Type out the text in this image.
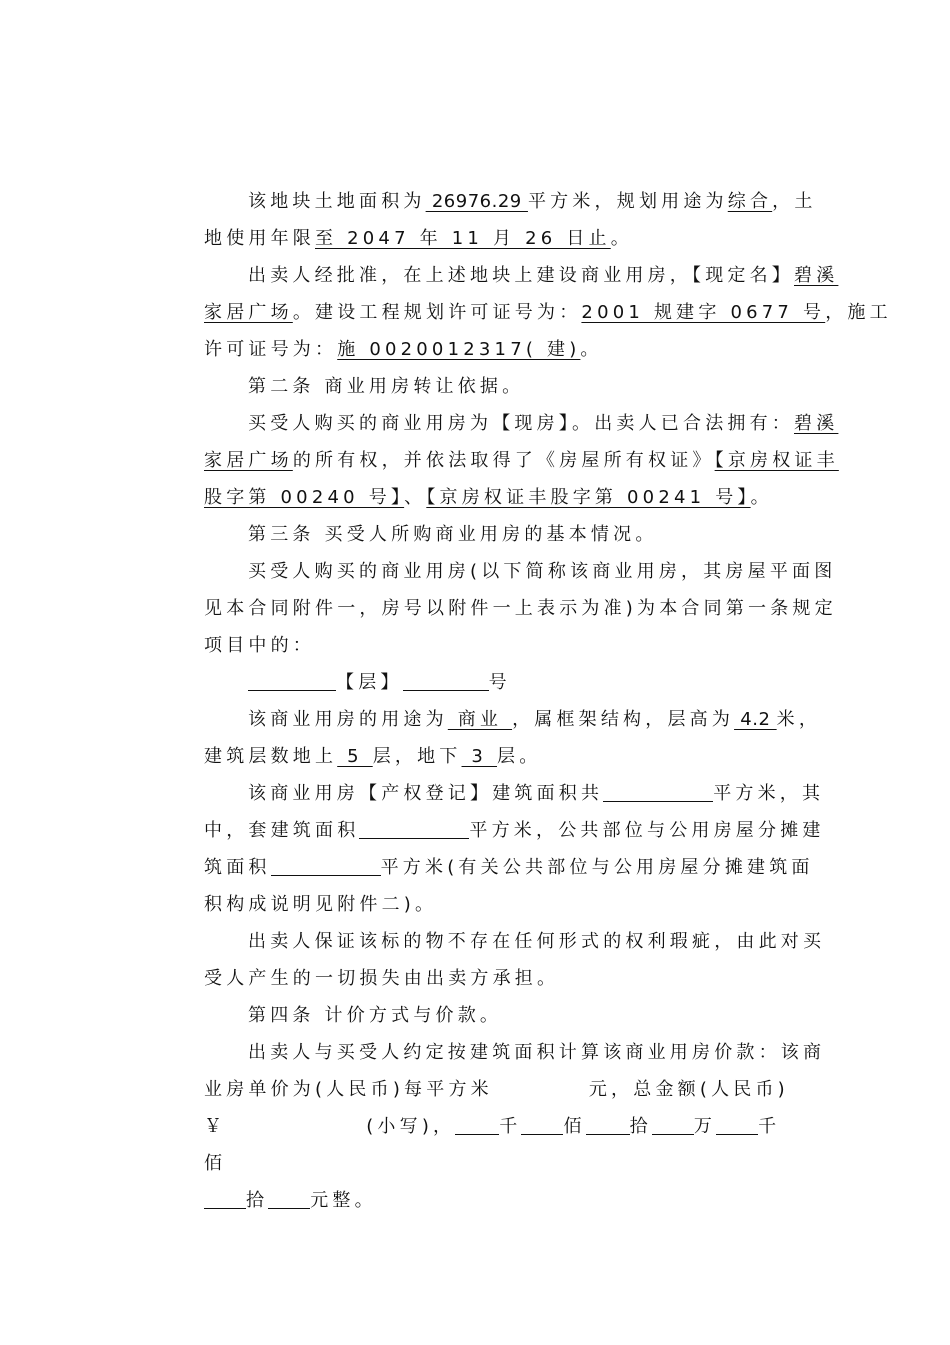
该地块土地面积为 26976.29 平方米，规划用途为综合，土
地使用年限至 2047 年 11 月 26 日止。
出卖人经批准，在上述地块上建设商业用房，【现定名】碧溪
家居广场。建设工程规划许可证号为：2001 规建字 0677 号，施工
许可证号为：施 0020012317( 建)。
第二条 商业用房转让依据。
买受人购买的商业用房为【现房】。出卖人已合法拥有：碧溪
家居广场的所有权，并依法取得了《房屋所有权证》【京房权证丰
股字第 00240 号】、【京房权证丰股字第 00241 号】。
第三条 买受人所购商业用房的基本情况。
买受人购买的商业用房(以下简称该商业用房，其房屋平面图
见本合同附件一，房号以附件一上表示为准)为本合同第一条规定
项目中的：
【层】	号
该商业用房的用途为 商业 ，属框架结构，层高为 4.2 米，
建筑层数地上 5 层，地下 3 层。
该商业用房【产权登记】建筑面积共	平方米，其
中，套建筑面积	平方米，公共部位与公用房屋分摊建
筑面积	平方米(有关公共部位与公用房屋分摊建筑面
积构成说明见附件二)。
出卖人保证该标的物不存在任何形式的权利瑕疵，由此对买
受人产生的一切损失由出卖方承担。
第四条 计价方式与价款。
出卖人与买受人约定按建筑面积计算该商业用房价款：该商
业房单价为(人民币)每平方米	元，总金额(人民币)
￥	(小写)， 千 佰 拾 万 千
佰
拾 元整。
